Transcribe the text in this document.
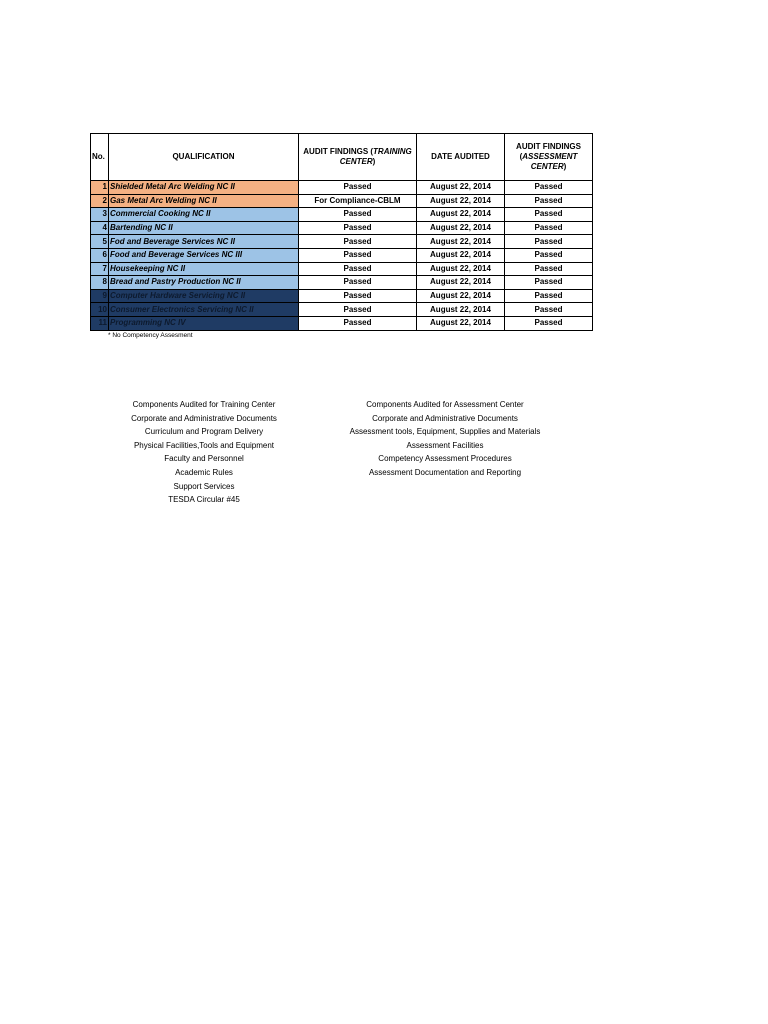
No.	QUALIFICATION	AUDIT FINDINGS (TRAINING CENTER)	DATE AUDITED	AUDIT FINDINGS (ASSESSMENT CENTER)
1	Shielded Metal Arc Welding NC II	Passed	August 22, 2014	Passed
2	Gas Metal Arc Welding NC II	For Compliance-CBLM	August 22, 2014	Passed
3	Commercial Cooking NC II	Passed	August 22, 2014	Passed
4	Bartending NC II	Passed	August 22, 2014	Passed
5	Fod and Beverage Services NC II	Passed	August 22, 2014	Passed
6	Food and Beverage Services NC III	Passed	August 22, 2014	Passed
7	Housekeeping NC II	Passed	August 22, 2014	Passed
8	Bread and Pastry Production NC II	Passed	August 22, 2014	Passed
9	Computer Hardware Servicing NC II	Passed	August 22, 2014	Passed
10	Consumer Electronics Servicing NC II	Passed	August 22, 2014	Passed
11	Programming NC IV	Passed	August 22, 2014	Passed
* No Competency Assesment
Components Audited for Training Center
Corporate and Administrative Documents
Curriculum and Program Delivery
Physical Facilities,Tools and Equipment
Faculty and Personnel
Academic Rules
Support Services
TESDA Circular #45
Components Audited for Assessment Center
Corporate and Administrative Documents
Assessment tools, Equipment, Supplies and Materials
Assessment Facilities
Competency Assessment Procedures
Assessment Documentation and Reporting
